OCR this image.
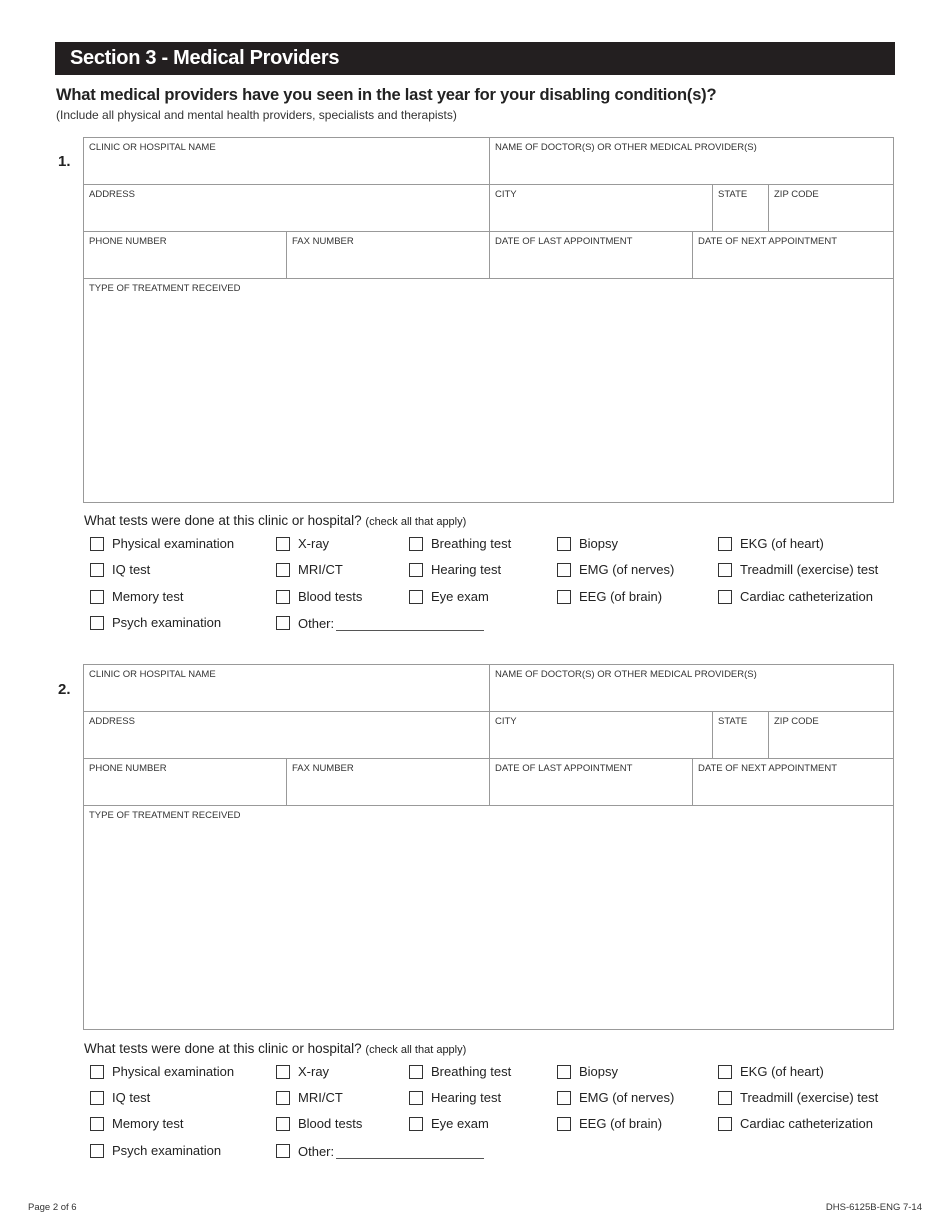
Section 3 - Medical Providers
What medical providers have you seen in the last year for your disabling condition(s)?
(Include all physical and mental health providers, specialists and therapists)
1.
CLINIC OR HOSPITAL NAME	NAME OF DOCTOR(S) OR OTHER MEDICAL PROVIDER(S)
ADDRESS	CITY	STATE	ZIP CODE
PHONE NUMBER	FAX NUMBER	DATE OF LAST APPOINTMENT	DATE OF NEXT APPOINTMENT
TYPE OF TREATMENT RECEIVED
What tests were done at this clinic or hospital? (check all that apply)
Physical examination
IQ test
Memory test
Psych examination
X-ray
MRI/CT
Blood tests
Other:
Breathing test
Hearing test
Eye exam
Biopsy
EMG (of nerves)
EEG (of brain)
EKG (of heart)
Treadmill (exercise) test
Cardiac catheterization
2.
CLINIC OR HOSPITAL NAME	NAME OF DOCTOR(S) OR OTHER MEDICAL PROVIDER(S)
ADDRESS	CITY	STATE	ZIP CODE
PHONE NUMBER	FAX NUMBER	DATE OF LAST APPOINTMENT	DATE OF NEXT APPOINTMENT
TYPE OF TREATMENT RECEIVED
What tests were done at this clinic or hospital? (check all that apply)
Physical examination
IQ test
Memory test
Psych examination
X-ray
MRI/CT
Blood tests
Other:
Breathing test
Hearing test
Eye exam
Biopsy
EMG (of nerves)
EEG (of brain)
EKG (of heart)
Treadmill (exercise) test
Cardiac catheterization
Page 2 of 6	DHS-6125B-ENG 7-14
